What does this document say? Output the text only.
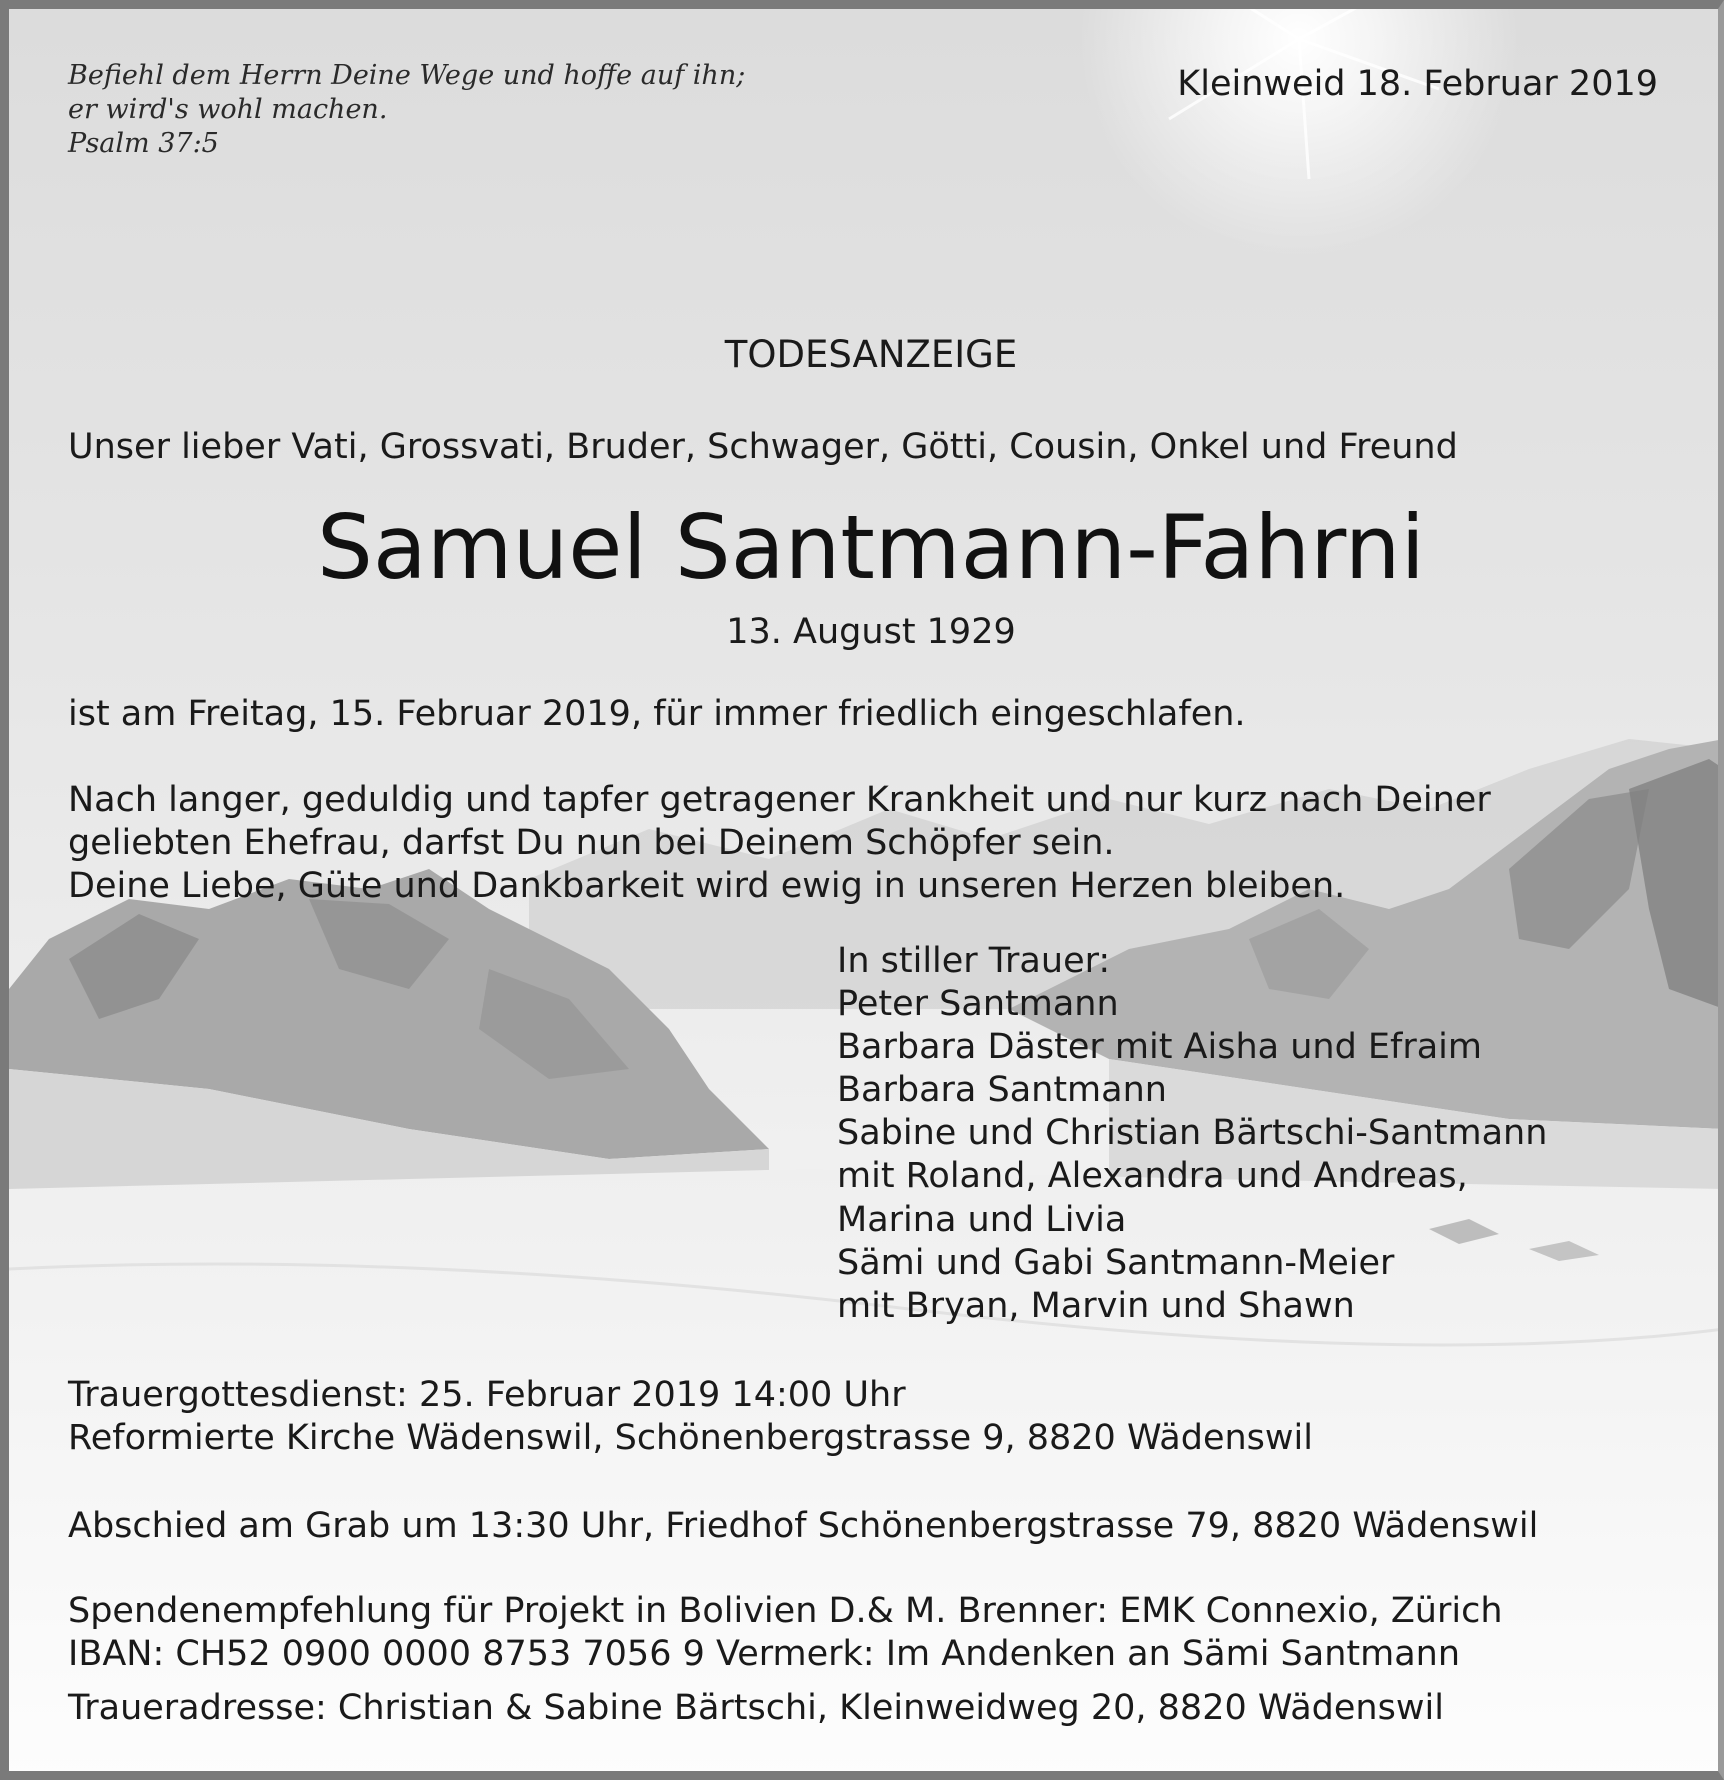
Befiehl dem Herrn Deine Wege und hoffe auf ihn;
er wird's wohl machen.
Psalm 37:5

Kleinweid 18. Februar 2019

TODESANZEIGE

Unser lieber Vati, Grossvati, Bruder, Schwager, Götti, Cousin, Onkel und Freund

Samuel Santmann-Fahrni

13. August 1929

ist am Freitag, 15. Februar 2019, für immer friedlich eingeschlafen.

Nach langer, geduldig und tapfer getragener Krankheit und nur kurz nach Deiner
geliebten Ehefrau, darfst Du nun bei Deinem Schöpfer sein.
Deine Liebe, Güte und Dankbarkeit wird ewig in unseren Herzen bleiben.
In stiller Trauer:
Peter Santmann
Barbara Däster mit Aisha und Efraim
Barbara Santmann
Sabine und Christian Bärtschi-Santmann
mit Roland, Alexandra und Andreas,
Marina und Livia
Sämi und Gabi Santmann-Meier
mit Bryan, Marvin und Shawn
Trauergottesdienst: 25. Februar 2019 14:00 Uhr
Reformierte Kirche Wädenswil, Schönenbergstrasse 9, 8820 Wädenswil

Abschied am Grab um 13:30 Uhr, Friedhof Schönenbergstrasse 79, 8820 Wädenswil

Spendenempfehlung für Projekt in Bolivien D.& M. Brenner: EMK Connexio, Zürich
IBAN: CH52 0900 0000 8753 7056 9 Vermerk: Im Andenken an Sämi Santmann

Traueradresse: Christian & Sabine Bärtschi, Kleinweidweg 20, 8820 Wädenswil
